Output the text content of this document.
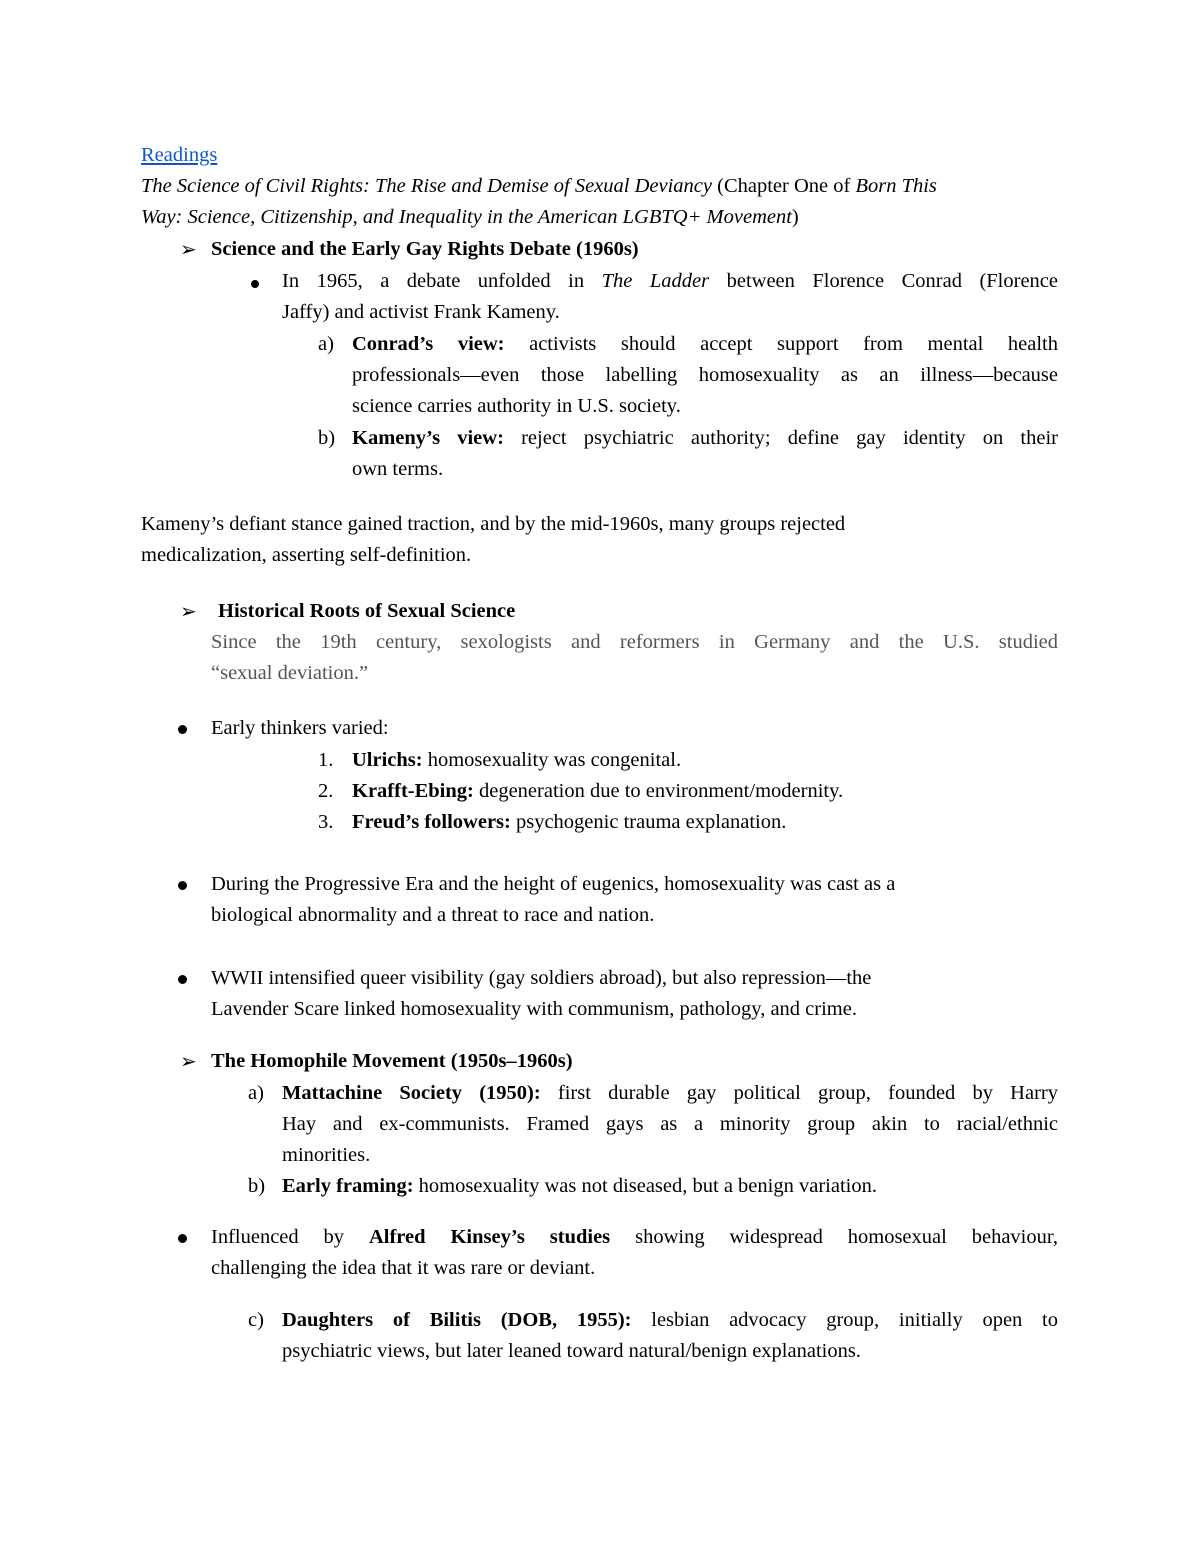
Readings
The Science of Civil Rights: The Rise and Demise of Sexual Deviancy (Chapter One of Born This
Way: Science, Citizenship, and Inequality in the American LGBTQ+ Movement)
➢ Science and the Early Gay Rights Debate (1960s)
In 1965, a debate unfolded in The Ladder between Florence Conrad (Florence
Jaffy) and activist Frank Kameny.
a) Conrad’s view: activists should accept support from mental health
professionals—even those labelling homosexuality as an illness—because
science carries authority in U.S. society.
b) Kameny’s view: reject psychiatric authority; define gay identity on their
own terms.
Kameny’s defiant stance gained traction, and by the mid-1960s, many groups rejected
medicalization, asserting self-definition.
➢ Historical Roots of Sexual Science
Since the 19th century, sexologists and reformers in Germany and the U.S. studied
“sexual deviation.”
Early thinkers varied:
1. Ulrichs: homosexuality was congenital.
2. Krafft-Ebing: degeneration due to environment/modernity.
3. Freud’s followers: psychogenic trauma explanation.
During the Progressive Era and the height of eugenics, homosexuality was cast as a
biological abnormality and a threat to race and nation.
WWII intensified queer visibility (gay soldiers abroad), but also repression—the
Lavender Scare linked homosexuality with communism, pathology, and crime.
➢ The Homophile Movement (1950s–1960s)
a) Mattachine Society (1950): first durable gay political group, founded by Harry
Hay and ex-communists. Framed gays as a minority group akin to racial/ethnic
minorities.
b) Early framing: homosexuality was not diseased, but a benign variation.
Influenced by Alfred Kinsey’s studies showing widespread homosexual behaviour,
challenging the idea that it was rare or deviant.
c) Daughters of Bilitis (DOB, 1955): lesbian advocacy group, initially open to
psychiatric views, but later leaned toward natural/benign explanations.
